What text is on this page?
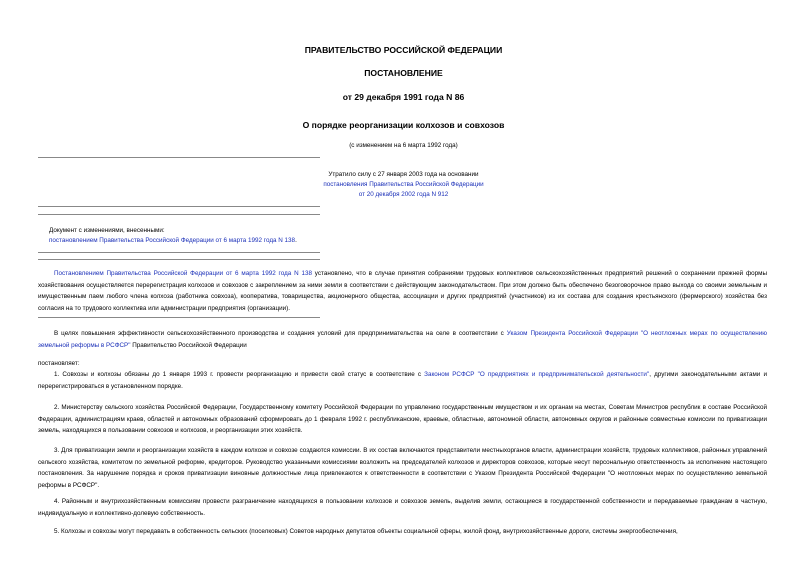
ПРАВИТЕЛЬСТВО РОССИЙСКОЙ ФЕДЕРАЦИИ
ПОСТАНОВЛЕНИЕ
от 29 декабря 1991 года N 86
О порядке реорганизации колхозов и совхозов
(с изменением на 6 марта 1992 года)
Утратило силу с 27 января 2003 года на основании
постановления Правительства Российской Федерации
от 20 декабря 2002 года N 912
Документ с изменениями, внесенными:
постановлением Правительства Российской Федерации от 6 марта 1992 года N 138.
Постановлением Правительства Российской Федерации от 6 марта 1992 года N 138 установлено, что в случае принятия собраниями трудовых коллективов сельскохозяйственных предприятий решений о сохранении прежней формы хозяйствования осуществляется перерегистрация колхозов и совхозов с закреплением за ними земли в соответствии с действующим законодательством. При этом должно быть обеспечено безоговорочное право выхода со своими земельным и имущественным паем любого члена колхоза (работника совхоза), кооператива, товарищества, акционерного общества, ассоциации и других предприятий (участников) из их состава для создания крестьянского (фермерского) хозяйства без согласия на то трудового коллектива или администрации предприятия (организации).
В целях повышения эффективности сельскохозяйственного производства и создания условий для предпринимательства на селе в соответствии с Указом Президента Российской Федерации "О неотложных мерах по осуществлению земельной реформы в РСФСР" Правительство Российской Федерации
постановляет:
1. Совхозы и колхозы обязаны до 1 января 1993 г. провести реорганизацию и привести свой статус в соответствие с Законом РСФСР "О предприятиях и предпринимательской деятельности", другими законодательными актами и перерегистрироваться в установленном порядке.
2. Министерству сельского хозяйства Российской Федерации, Государственному комитету Российской Федерации по управлению государственным имуществом и их органам на местах, Советам Министров республик в составе Российской Федерации, администрациям краев, областей и автономных образований сформировать до 1 февраля 1992 г. республиканские, краевые, областные, автономной области, автономных округов и районные совместные комиссии по приватизации земель, находящихся в пользовании совхозов и колхозов, и реорганизации этих хозяйств.
3. Для приватизации земли и реорганизации хозяйств в каждом колхозе и совхозе создаются комиссии. В их состав включаются представители местныхорганов власти, администрации хозяйств, трудовых коллективов, районных управлений сельского хозяйства, комитетом по земельной реформе, кредиторов. Руководство указанными комиссиями возложить на председателей колхозов и директоров совхозов, которые несут персональную ответственность за исполнение настоящего постановления. За нарушение порядка и сроков приватизации виновные должностные лица привлекаются к ответственности в соответствии с Указом Президента Российской Федерации "О неотложных мерах по осуществлению земельной реформы в РСФСР".
4. Районным и внутрихозяйственным комиссиям провести разграничение находящихся в пользовании колхозов и совхозов земель, выделив земли, остающиеся в государственной собственности и передаваемые гражданам в частную, индивидуальную и коллективно-долевую собственность.
5. Колхозы и совхозы могут передавать в собственность сельских (поселковых) Советов народных депутатов объекты социальной сферы, жилой фонд, внутрихозяйственные дороги, системы энергообеспечения,
